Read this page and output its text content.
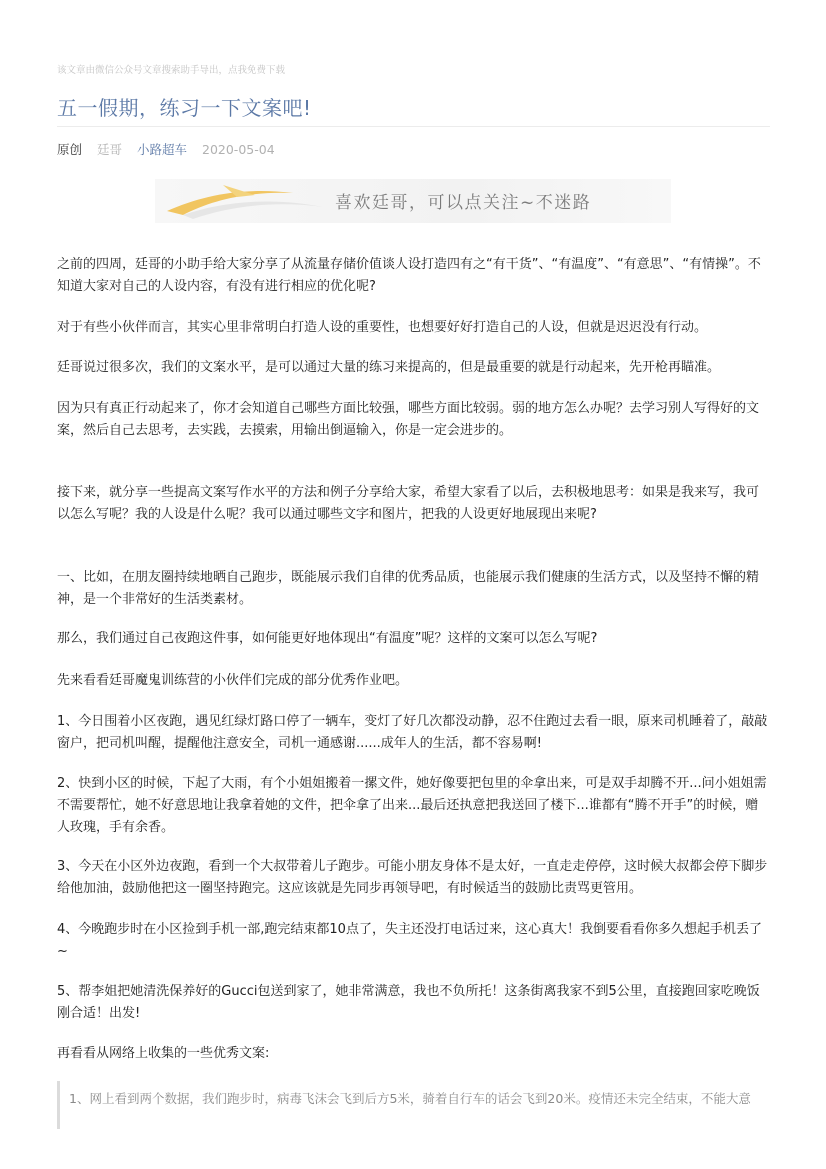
该文章由微信公众号文章搜索助手导出，点我免费下载
五一假期，练习一下文案吧!
原创 廷哥 小路超车 2020-05-04
喜欢廷哥，可以点关注~不迷路

之前的四周，廷哥的小助手给大家分享了从流量存储价值谈人设打造四有之“有干货”、“有温度”、“有意思”、“有情操”。不知道大家对自己的人设内容，有没有进行相应的优化呢?

对于有些小伙伴而言，其实心里非常明白打造人设的重要性，也想要好好打造自己的人设，但就是迟迟没有行动。

廷哥说过很多次，我们的文案水平，是可以通过大量的练习来提高的，但是最重要的就是行动起来，先开枪再瞄准。

因为只有真正行动起来了，你才会知道自己哪些方面比较强，哪些方面比较弱。弱的地方怎么办呢？去学习别人写得好的文案，然后自己去思考，去实践，去摸索，用输出倒逼输入，你是一定会进步的。

接下来，就分享一些提高文案写作水平的方法和例子分享给大家，希望大家看了以后，去积极地思考：如果是我来写，我可以怎么写呢？我的人设是什么呢？我可以通过哪些文字和图片，把我的人设更好地展现出来呢?

一、比如，在朋友圈持续地晒自己跑步，既能展示我们自律的优秀品质，也能展示我们健康的生活方式，以及坚持不懈的精神，是一个非常好的生活类素材。

那么，我们通过自己夜跑这件事，如何能更好地体现出“有温度”呢？这样的文案可以怎么写呢?

先来看看廷哥魔鬼训练营的小伙伴们完成的部分优秀作业吧。

1、今日围着小区夜跑，遇见红绿灯路口停了一辆车，变灯了好几次都没动静，忍不住跑过去看一眼，原来司机睡着了，敲敲窗户，把司机叫醒，提醒他注意安全，司机一通感谢......成年人的生活，都不容易啊!

2、快到小区的时候，下起了大雨，有个小姐姐搬着一摞文件，她好像要把包里的伞拿出来，可是双手却腾不开...问小姐姐需不需要帮忙，她不好意思地让我拿着她的文件，把伞拿了出来...最后还执意把我送回了楼下...谁都有“腾不开手”的时候，赠人玫瑰，手有余香。

3、今天在小区外边夜跑，看到一个大叔带着儿子跑步。可能小朋友身体不是太好，一直走走停停，这时候大叔都会停下脚步给他加油，鼓励他把这一圈坚持跑完。这应该就是先同步再领导吧，有时候适当的鼓励比责骂更管用。

4、今晚跑步时在小区捡到手机一部,跑完结束都10点了，失主还没打电话过来，这心真大！我倒要看看你多久想起手机丢了~

5、帮李姐把她清洗保养好的Gucci包送到家了，她非常满意，我也不负所托！这条街离我家不到5公里，直接跑回家吃晚饭刚合适！出发!

再看看从网络上收集的一些优秀文案:

1、网上看到两个数据，我们跑步时，病毒飞沫会飞到后方5米，骑着自行车的话会飞到20米。疫情还未完全结束，不能大意
